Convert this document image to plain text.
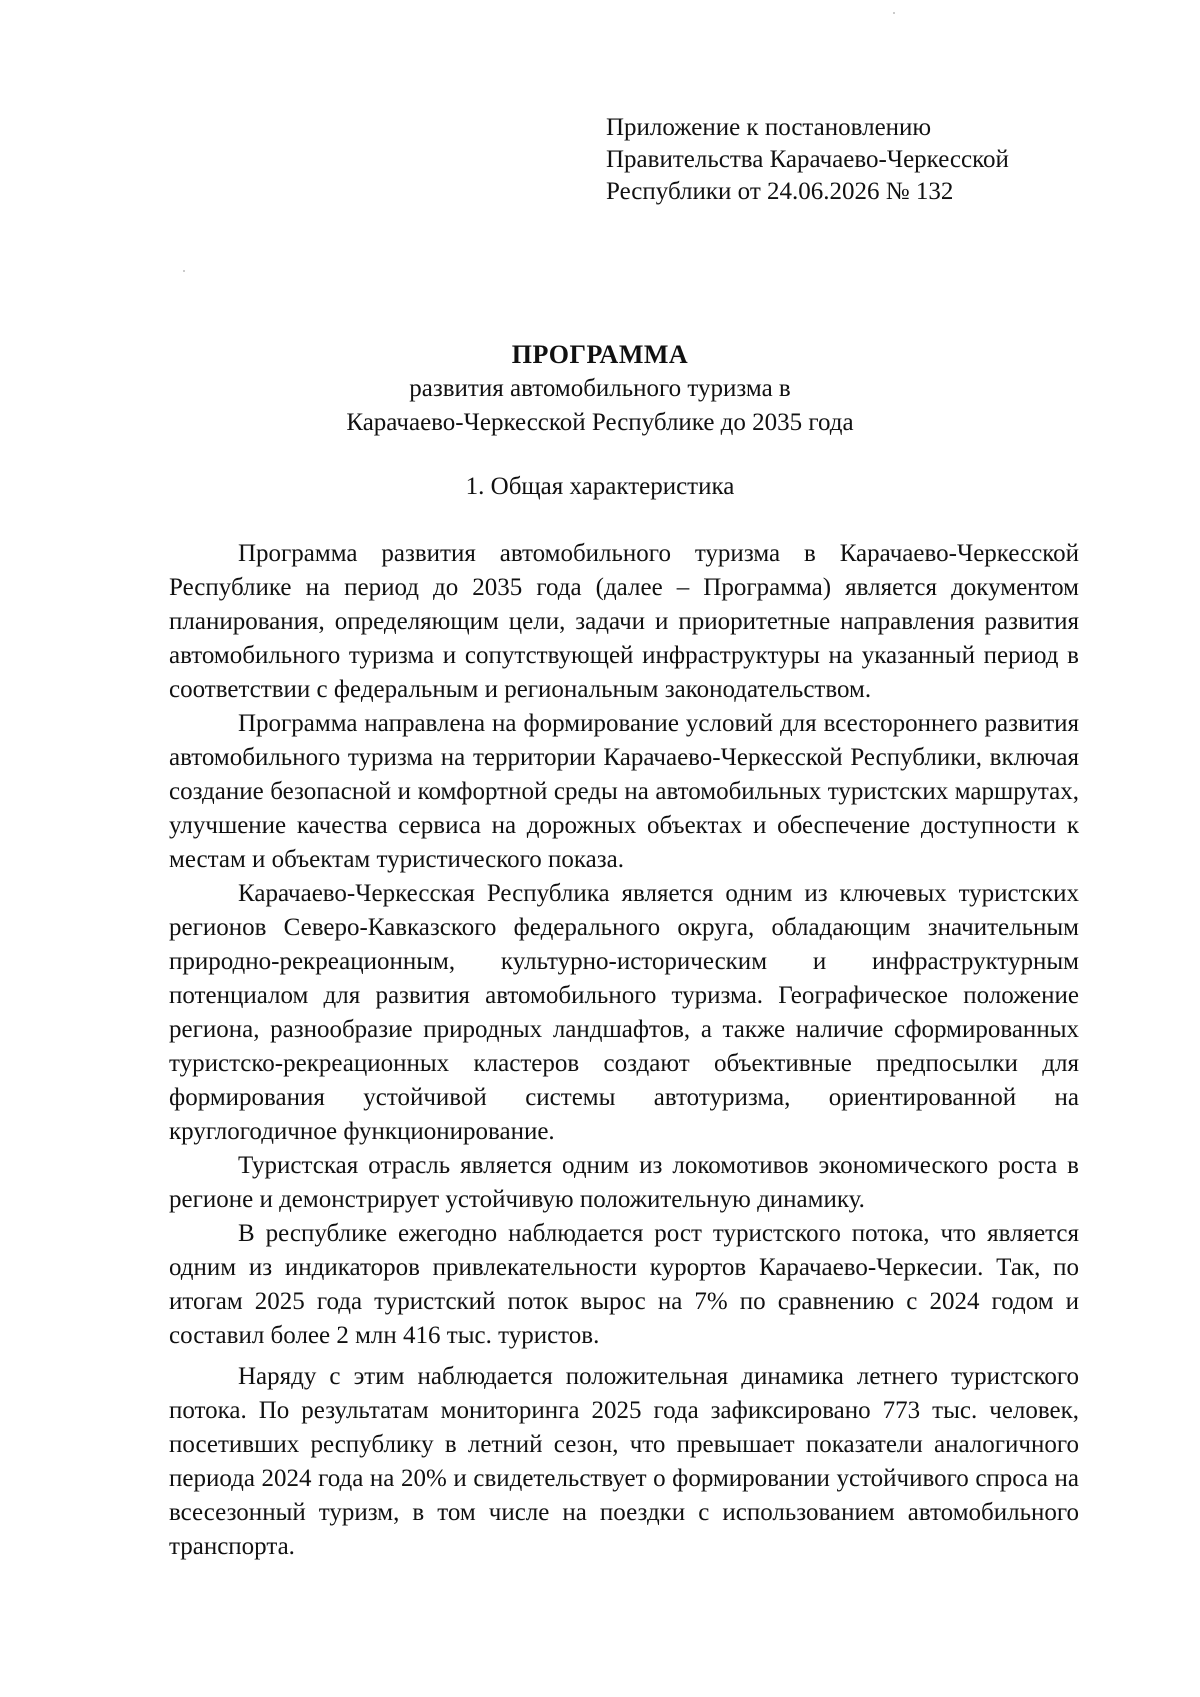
Приложение к постановлению
Правительства Карачаево-Черкесской
Республики от 24.06.2026 № 132
ПРОГРАММА
развития автомобильного туризма в
Карачаево-Черкесской Республике до 2035 года
1. Общая характеристика

Программа развития автомобильного туризма в Карачаево-Черкесской Республике на период до 2035 года (далее – Программа) является документом планирования, определяющим цели, задачи и приоритетные направления развития автомобильного туризма и сопутствующей инфраструктуры на указанный период в соответствии с федеральным и региональным законодательством.

Программа направлена на формирование условий для всестороннего развития автомобильного туризма на территории Карачаево-Черкесской Республики, включая создание безопасной и комфортной среды на автомобильных туристских маршрутах, улучшение качества сервиса на дорожных объектах и обеспечение доступности к местам и объектам туристического показа.

Карачаево-Черкесская Республика является одним из ключевых туристских регионов Северо-Кавказского федерального округа, обладающим значительным природно-рекреационным, культурно-историческим и инфраструктурным потенциалом для развития автомобильного туризма. Географическое положение региона, разнообразие природных ландшафтов, а также наличие сформированных туристско-рекреационных кластеров создают объективные предпосылки для формирования устойчивой системы автотуризма, ориентированной на круглогодичное функционирование.

Туристская отрасль является одним из локомотивов экономического роста в регионе и демонстрирует устойчивую положительную динамику.

В республике ежегодно наблюдается рост туристского потока, что является одним из индикаторов привлекательности курортов Карачаево-Черкесии. Так, по итогам 2025 года туристский поток вырос на 7% по сравнению с 2024 годом и составил более 2 млн 416 тыс. туристов.

Наряду с этим наблюдается положительная динамика летнего туристского потока. По результатам мониторинга 2025 года зафиксировано 773 тыс. человек, посетивших республику в летний сезон, что превышает показатели аналогичного периода 2024 года на 20% и свидетельствует о формировании устойчивого спроса на всесезонный туризм, в том числе на поездки с использованием автомобильного транспорта.
